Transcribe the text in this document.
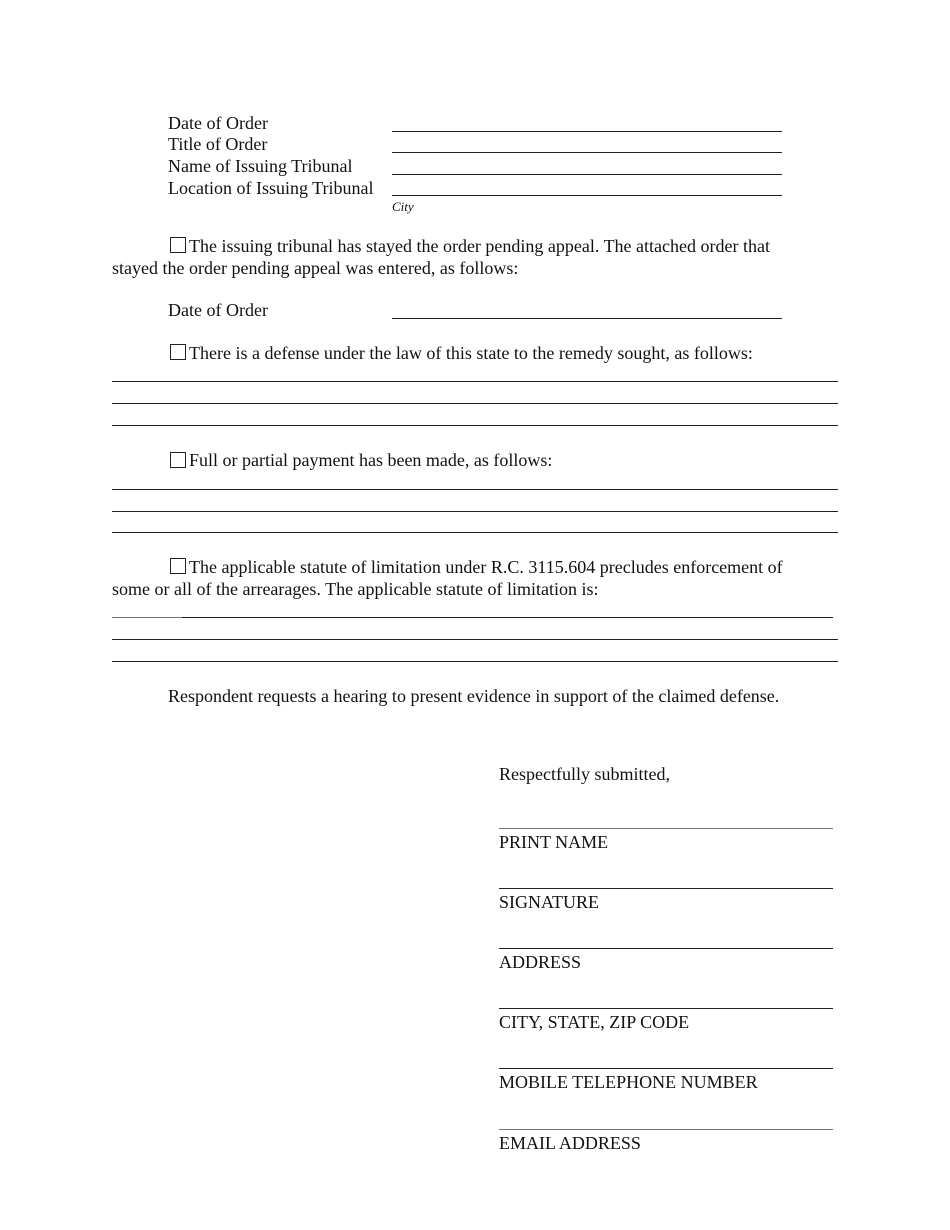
Date of Order
Title of Order
Name of Issuing Tribunal
Location of Issuing Tribunal
City
The issuing tribunal has stayed the order pending appeal. The attached order that
stayed the order pending appeal was entered, as follows:
Date of Order
There is a defense under the law of this state to the remedy sought, as follows:
Full or partial payment has been made, as follows:
The applicable statute of limitation under R.C. 3115.604 precludes enforcement of
some or all of the arrearages. The applicable statute of limitation is:
Respondent requests a hearing to present evidence in support of the claimed defense.
Respectfully submitted,
PRINT NAME
SIGNATURE
ADDRESS
CITY, STATE, ZIP CODE
MOBILE TELEPHONE NUMBER
EMAIL ADDRESS
